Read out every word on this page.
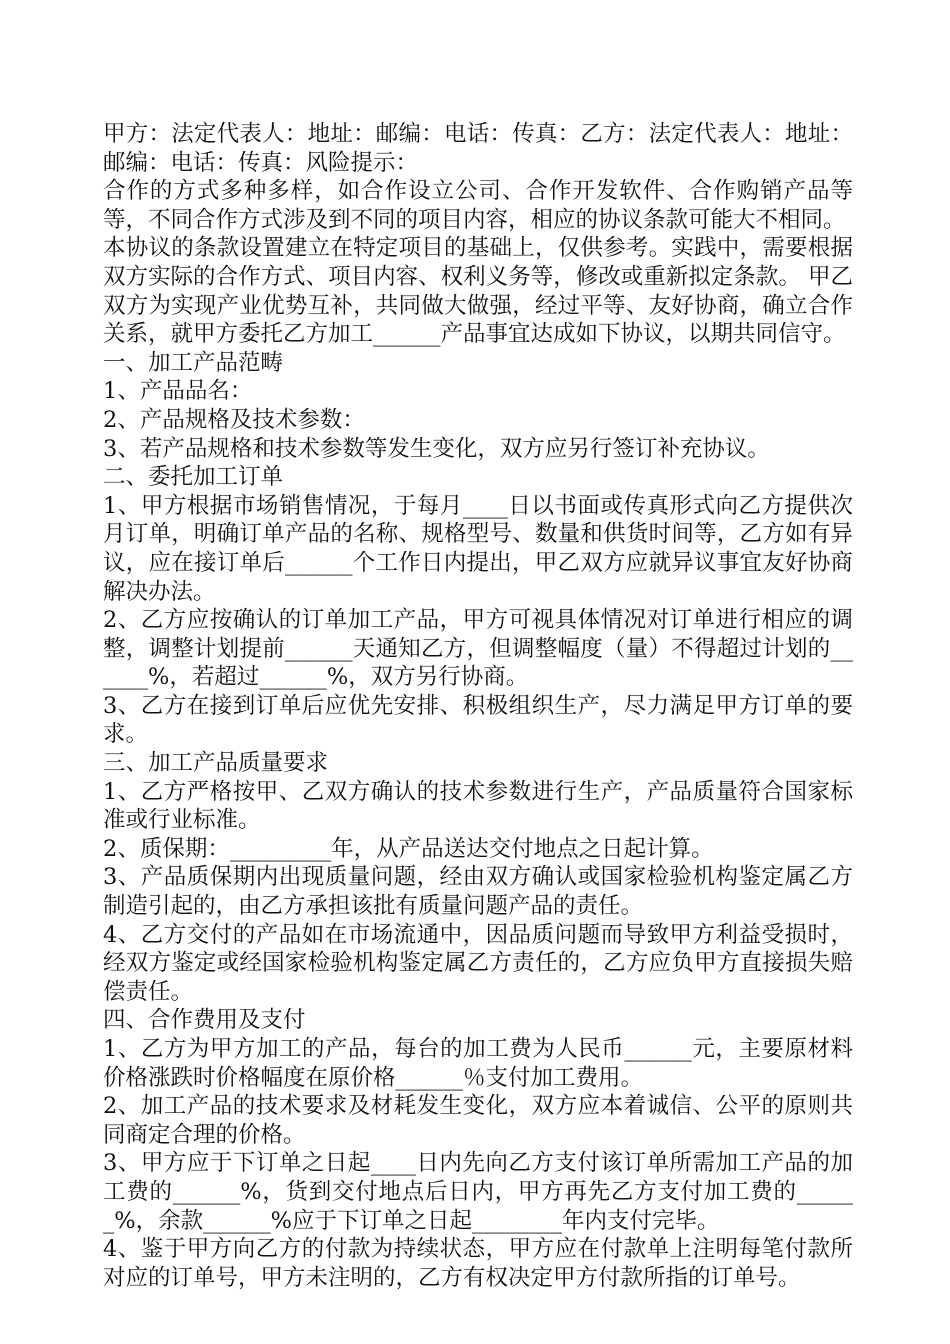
甲方：法定代表人：地址：邮编：电话：传真：乙方：法定代表人：地址：邮编：电话：传真：风险提示：

合作的方式多种多样，如合作设立公司、合作开发软件、合作购销产品等等，不同合作方式涉及到不同的项目内容，相应的协议条款可能大不相同。

本协议的条款设置建立在特定项目的基础上，仅供参考。实践中，需要根据双方实际的合作方式、项目内容、权利义务等，修改或重新拟定条款。 甲乙双方为实现产业优势互补，共同做大做强，经过平等、友好协商，确立合作关系，就甲方委托乙方加工______产品事宜达成如下协议，以期共同信守。

一、加工产品范畴

1、产品品名：

2、产品规格及技术参数：

3、若产品规格和技术参数等发生变化，双方应另行签订补充协议。

二、委托加工订单

1、甲方根据市场销售情况，于每月____日以书面或传真形式向乙方提供次月订单，明确订单产品的名称、规格型号、数量和供货时间等，乙方如有异议，应在接订单后______个工作日内提出，甲乙双方应就异议事宜友好协商解决办法。

2、乙方应按确认的订单加工产品，甲方可视具体情况对订单进行相应的调整，调整计划提前______天通知乙方，但调整幅度（量）不得超过计划的______%，若超过______%，双方另行协商。

3、乙方在接到订单后应优先安排、积极组织生产，尽力满足甲方订单的要求。

三、加工产品质量要求

1、乙方严格按甲、乙双方确认的技术参数进行生产，产品质量符合国家标准或行业标准。

2、质保期：_________年，从产品送达交付地点之日起计算。

3、产品质保期内出现质量问题，经由双方确认或国家检验机构鉴定属乙方制造引起的，由乙方承担该批有质量问题产品的责任。

4、乙方交付的产品如在市场流通中，因品质问题而导致甲方利益受损时，经双方鉴定或经国家检验机构鉴定属乙方责任的，乙方应负甲方直接损失赔偿责任。

四、合作费用及支付

1、乙方为甲方加工的产品，每台的加工费为人民币______元，主要原材料价格涨跌时价格幅度在原价格______％支付加工费用。

2、加工产品的技术要求及材耗发生变化，双方应本着诚信、公平的原则共同商定合理的价格。

3、甲方应于下订单之日起____日内先向乙方支付该订单所需加工产品的加工费的______%，货到交付地点后日内，甲方再先乙方支付加工费的______%，余款______%应于下订单之日起________年内支付完毕。

4、鉴于甲方向乙方的付款为持续状态，甲方应在付款单上注明每笔付款所对应的订单号，甲方未注明的，乙方有权决定甲方付款所指的订单号。
